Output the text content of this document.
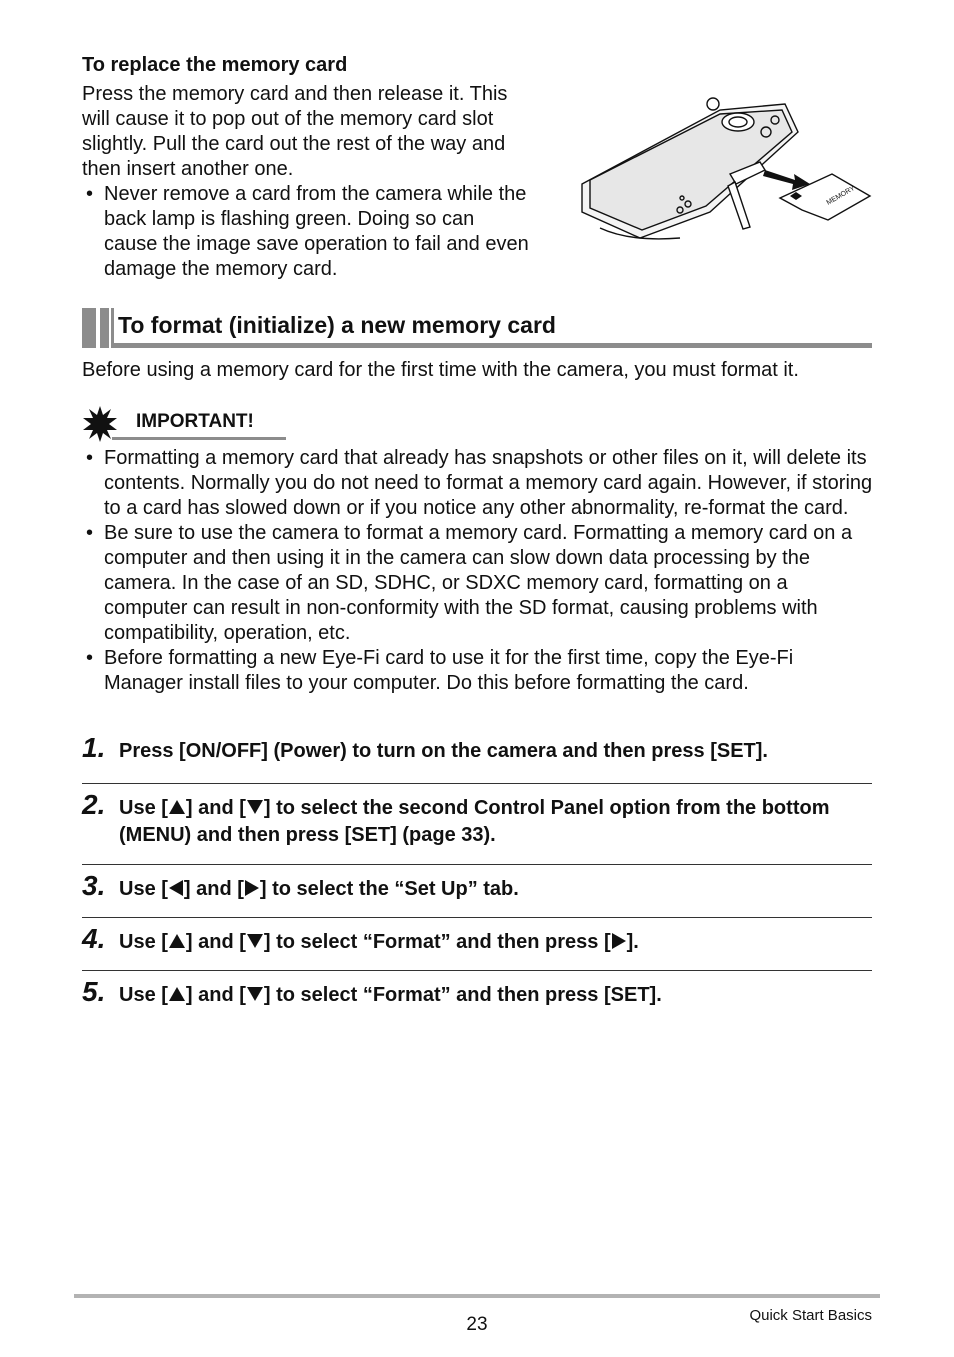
To replace the memory card
Press the memory card and then release it. This will cause it to pop out of the memory card slot slightly. Pull the card out the rest of the way and then insert another one.
• Never remove a card from the camera while the back lamp is flashing green. Doing so can cause the image save operation to fail and even damage the memory card.
MEMORY
To format (initialize) a new memory card
Before using a memory card for the first time with the camera, you must format it.
IMPORTANT!
• Formatting a memory card that already has snapshots or other files on it, will delete its contents. Normally you do not need to format a memory card again. However, if storing to a card has slowed down or if you notice any other abnormality, re-format the card.
• Be sure to use the camera to format a memory card. Formatting a memory card on a computer and then using it in the camera can slow down data processing by the camera. In the case of an SD, SDHC, or SDXC memory card, formatting on a computer can result in non-conformity with the SD format, causing problems with compatibility, operation, etc.
• Before formatting a new Eye-Fi card to use it for the first time, copy the Eye-Fi Manager install files to your computer. Do this before formatting the card.
1. Press [ON/OFF] (Power) to turn on the camera and then press [SET].
2. Use [ ] and [ ] to select the second Control Panel option from the bottom (MENU) and then press [SET] (page 33).
3. Use [ ] and [ ] to select the “Set Up” tab.
4. Use [ ] and [ ] to select “Format” and then press [ ].
5. Use [ ] and [ ] to select “Format” and then press [SET].
23	Quick Start Basics
